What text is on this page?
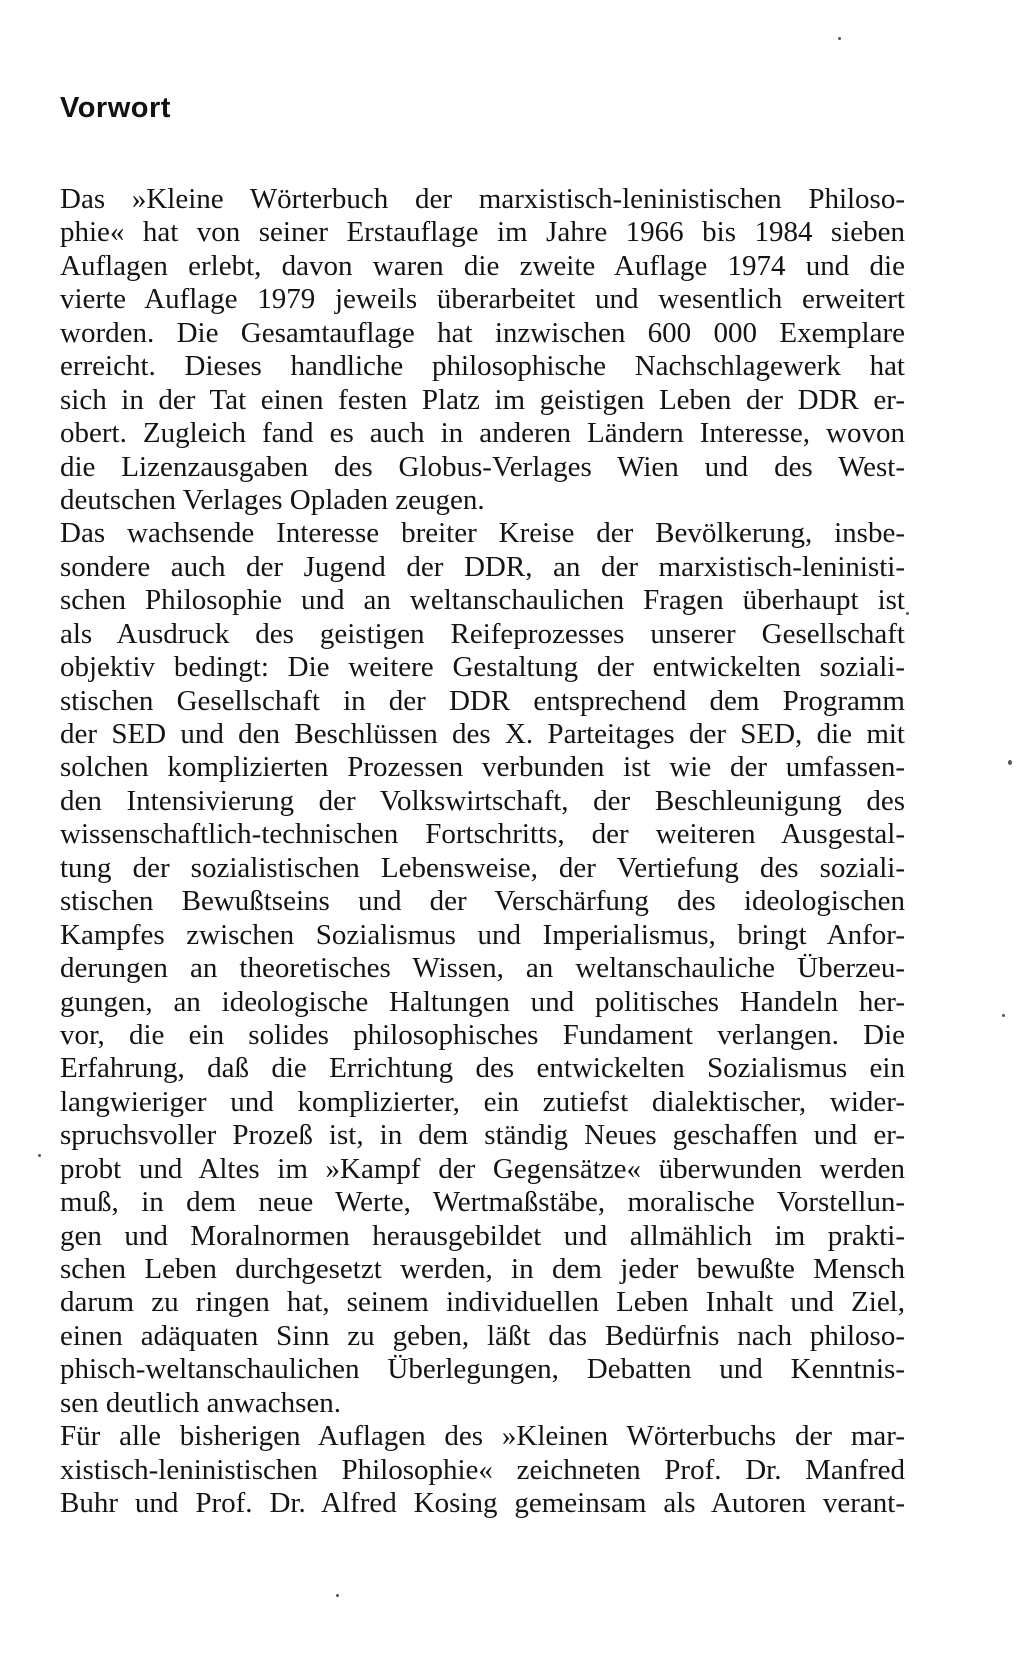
Vorwort
Das »Kleine Wörterbuch der marxistisch-leninistischen Philoso-
phie« hat von seiner Erstauflage im Jahre 1966 bis 1984 sieben
Auflagen erlebt, davon waren die zweite Auflage 1974 und die
vierte Auflage 1979 jeweils überarbeitet und wesentlich erweitert
worden. Die Gesamtauflage hat inzwischen 600 000 Exemplare
erreicht. Dieses handliche philosophische Nachschlagewerk hat
sich in der Tat einen festen Platz im geistigen Leben der DDR er-
obert. Zugleich fand es auch in anderen Ländern Interesse, wovon
die Lizenzausgaben des Globus-Verlages Wien und des West-
deutschen Verlages Opladen zeugen.
Das wachsende Interesse breiter Kreise der Bevölkerung, insbe-
sondere auch der Jugend der DDR, an der marxistisch-leninisti-
schen Philosophie und an weltanschaulichen Fragen überhaupt ist
als Ausdruck des geistigen Reifeprozesses unserer Gesellschaft
objektiv bedingt: Die weitere Gestaltung der entwickelten soziali-
stischen Gesellschaft in der DDR entsprechend dem Programm
der SED und den Beschlüssen des X. Parteitages der SED, die mit
solchen komplizierten Prozessen verbunden ist wie der umfassen-
den Intensivierung der Volkswirtschaft, der Beschleunigung des
wissenschaftlich-technischen Fortschritts, der weiteren Ausgestal-
tung der sozialistischen Lebensweise, der Vertiefung des soziali-
stischen Bewußtseins und der Verschärfung des ideologischen
Kampfes zwischen Sozialismus und Imperialismus, bringt Anfor-
derungen an theoretisches Wissen, an weltanschauliche Überzeu-
gungen, an ideologische Haltungen und politisches Handeln her-
vor, die ein solides philosophisches Fundament verlangen. Die
Erfahrung, daß die Errichtung des entwickelten Sozialismus ein
langwieriger und komplizierter, ein zutiefst dialektischer, wider-
spruchsvoller Prozeß ist, in dem ständig Neues geschaffen und er-
probt und Altes im »Kampf der Gegensätze« überwunden werden
muß, in dem neue Werte, Wertmaßstäbe, moralische Vorstellun-
gen und Moralnormen herausgebildet und allmählich im prakti-
schen Leben durchgesetzt werden, in dem jeder bewußte Mensch
darum zu ringen hat, seinem individuellen Leben Inhalt und Ziel,
einen adäquaten Sinn zu geben, läßt das Bedürfnis nach philoso-
phisch-weltanschaulichen Überlegungen, Debatten und Kenntnis-
sen deutlich anwachsen.
Für alle bisherigen Auflagen des »Kleinen Wörterbuchs der mar-
xistisch-leninistischen Philosophie« zeichneten Prof. Dr. Manfred
Buhr und Prof. Dr. Alfred Kosing gemeinsam als Autoren verant-
